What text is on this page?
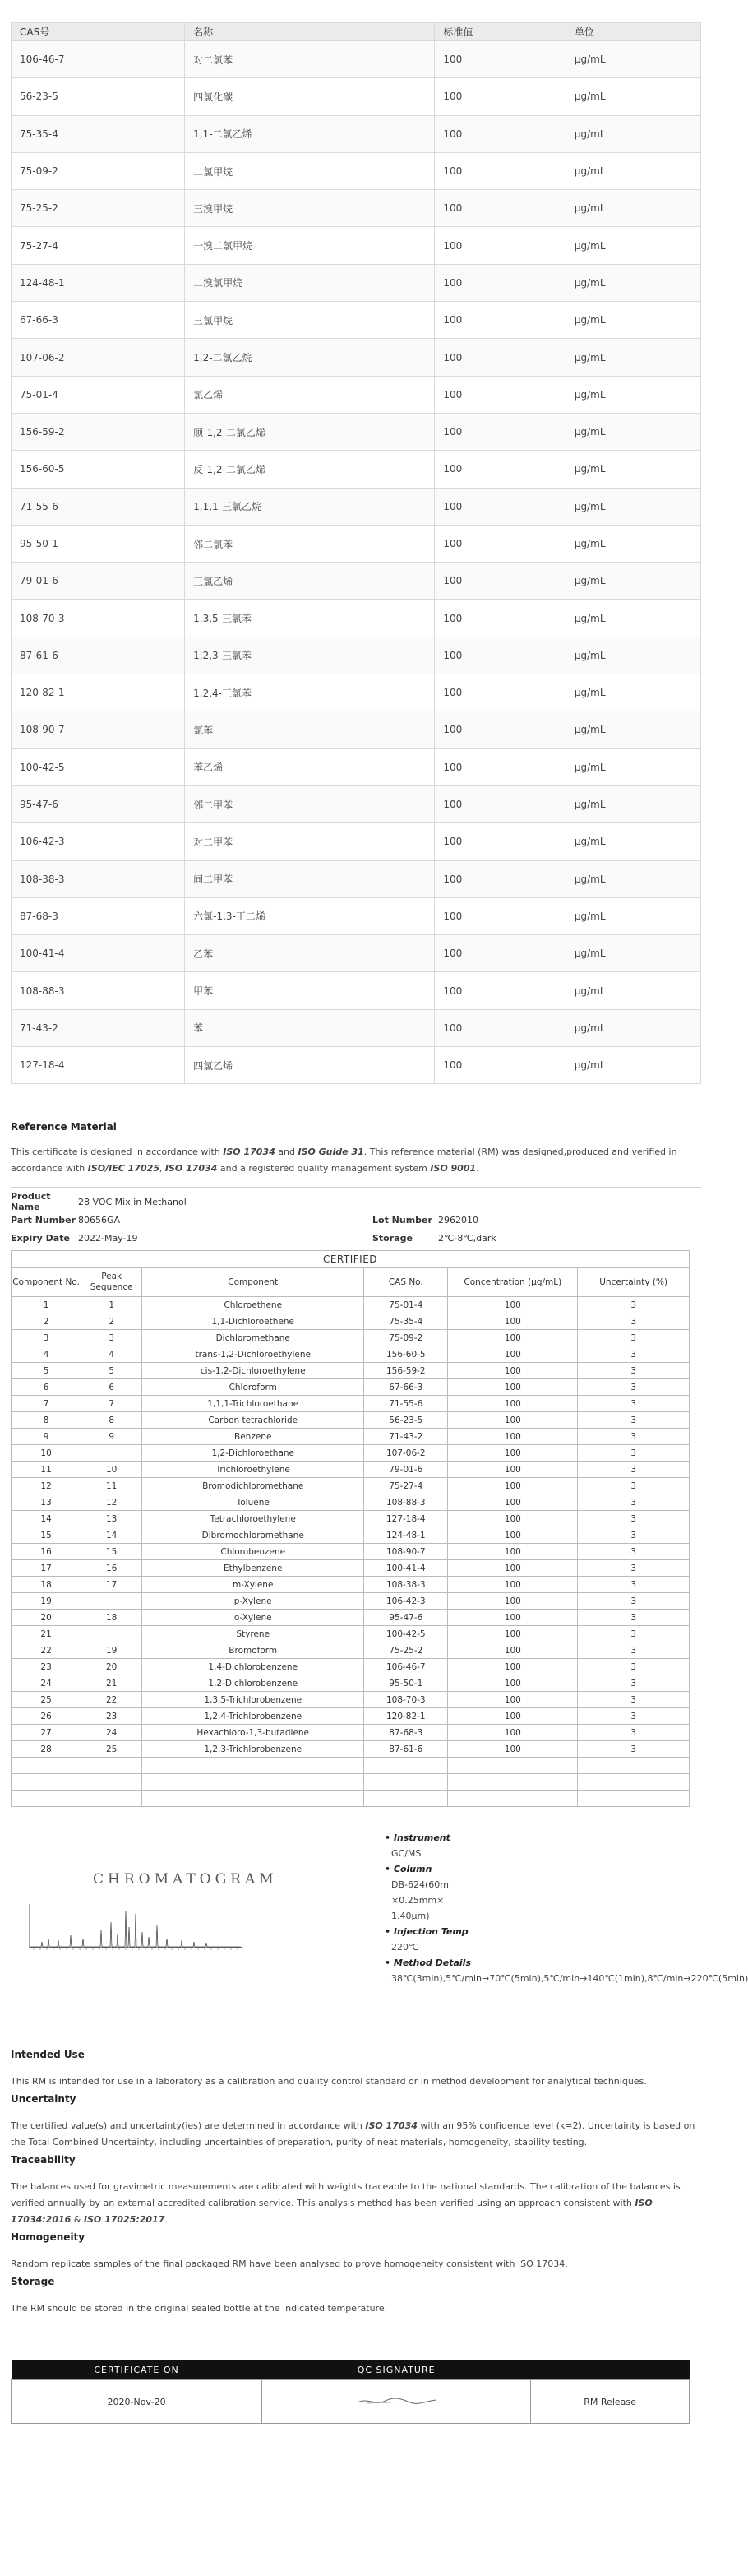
CAS号	名称	标准值	单位
106-46-7	对二氯苯	100	μg/mL
56-23-5	四氯化碳	100	μg/mL
75-35-4	1,1-二氯乙烯	100	μg/mL
75-09-2	二氯甲烷	100	μg/mL
75-25-2	三溴甲烷	100	μg/mL
75-27-4	一溴二氯甲烷	100	μg/mL
124-48-1	二溴氯甲烷	100	μg/mL
67-66-3	三氯甲烷	100	μg/mL
107-06-2	1,2-二氯乙烷	100	μg/mL
75-01-4	氯乙烯	100	μg/mL
156-59-2	顺-1,2-二氯乙烯	100	μg/mL
156-60-5	反-1,2-二氯乙烯	100	μg/mL
71-55-6	1,1,1-三氯乙烷	100	μg/mL
95-50-1	邻二氯苯	100	μg/mL
79-01-6	三氯乙烯	100	μg/mL
108-70-3	1,3,5-三氯苯	100	μg/mL
87-61-6	1,2,3-三氯苯	100	μg/mL
120-82-1	1,2,4-三氯苯	100	μg/mL
108-90-7	氯苯	100	μg/mL
100-42-5	苯乙烯	100	μg/mL
95-47-6	邻二甲苯	100	μg/mL
106-42-3	对二甲苯	100	μg/mL
108-38-3	间二甲苯	100	μg/mL
87-68-3	六氯-1,3-丁二烯	100	μg/mL
100-41-4	乙苯	100	μg/mL
108-88-3	甲苯	100	μg/mL
71-43-2	苯	100	μg/mL
127-18-4	四氯乙烯	100	μg/mL
Reference Material

This certificate is designed in accordance with ISO 17034 and ISO Guide 31. This reference material (RM) was designed,produced and verified in accordance with ISO/IEC 17025, ISO 17034 and a registered quality management system ISO 9001.

Product Name	28 VOC Mix in Methanol
Part Number 80656GA	Lot Number 2962010
Expiry Date 2022-May-19	Storage	2℃-8℃,dark
CERTIFIED					
Component No.	Peak Sequence	Component	CAS No.	Concentration (μg/mL)	Uncertainty (%)
1	1	Chloroethene	75-01-4	100	3
2	2	1,1-Dichloroethene	75-35-4	100	3
3	3	Dichloromethane	75-09-2	100	3
4	4	trans-1,2-Dichloroethylene	156-60-5	100	3
5	5	cis-1,2-Dichloroethylene	156-59-2	100	3
6	6	Chloroform	67-66-3	100	3
7	7	1,1,1-Trichloroethane	71-55-6	100	3
8	8	Carbon tetrachloride	56-23-5	100	3
9	9	Benzene	71-43-2	100	3
10		1,2-Dichloroethane	107-06-2	100	3
11	10	Trichloroethylene	79-01-6	100	3
12	11	Bromodichloromethane	75-27-4	100	3
13	12	Toluene	108-88-3	100	3
14	13	Tetrachloroethylene	127-18-4	100	3
15	14	Dibromochloromethane	124-48-1	100	3
16	15	Chlorobenzene	108-90-7	100	3
17	16	Ethylbenzene	100-41-4	100	3
18	17	m-Xylene	108-38-3	100	3
19		p-Xylene	106-42-3	100	3
20	18	o-Xylene	95-47-6	100	3
21		Styrene	100-42-5	100	3
22	19	Bromoform	75-25-2	100	3
23	20	1,4-Dichlorobenzene	106-46-7	100	3
24	21	1,2-Dichlorobenzene	95-50-1	100	3
25	22	1,3,5-Trichlorobenzene	108-70-3	100	3
26	23	1,2,4-Trichlorobenzene	120-82-1	100	3
27	24	Hexachloro-1,3-butadiene	87-68-3	100	3
28	25	1,2,3-Trichlorobenzene	87-61-6	100	3

CHROMATOGRAM
• Instrument
GC/MS
• Column
DB-624(60m×0.25mm×1.40μm)
• Injection Temp
220℃
• Method Details
38℃(3min),5℃/min→70℃(5min),5℃/min→140℃(1min),8℃/min→220℃(5min)
Intended Use

This RM is intended for use in a laboratory as a calibration and quality control standard or in method development for analytical techniques.

Uncertainty

The certified value(s) and uncertainty(ies) are determined in accordance with ISO 17034 with an 95% confidence level (k=2). Uncertainty is based on the Total Combined Uncertainty, including uncertainties of preparation, purity of neat materials, homogeneity, stability testing.

Traceability

The balances used for gravimetric measurements are calibrated with weights traceable to the national standards. The calibration of the balances is verified annually by an external accredited calibration service. This analysis method has been verified using an approach consistent with ISO 17034:2016 & ISO 17025:2017.

Homogeneity

Random replicate samples of the final packaged RM have been analysed to prove homogeneity consistent with ISO 17034.

Storage

The RM should be stored in the original sealed bottle at the indicated temperature.

CERTIFICATE ON	QC SIGNATURE	
2020-Nov-20		RM Release
